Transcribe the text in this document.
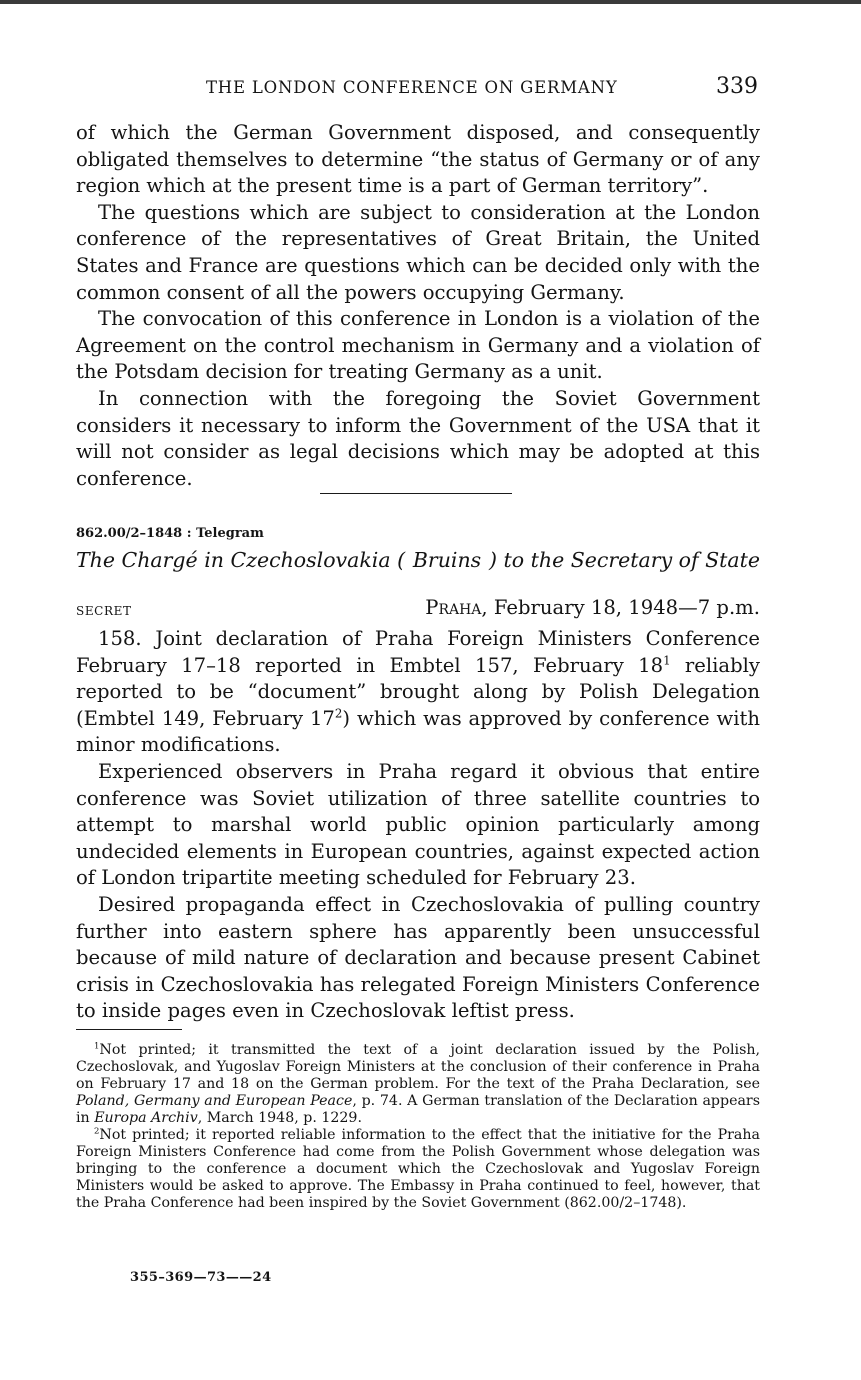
THE LONDON CONFERENCE ON GERMANY	339

of which the German Government disposed, and consequently obligated themselves to determine “the status of Germany or of any region which at the present time is a part of German territory”.

The questions which are subject to consideration at the London conference of the representatives of Great Britain, the United States and France are questions which can be decided only with the common consent of all the powers occupying Germany.

The convocation of this conference in London is a violation of the Agreement on the control mechanism in Germany and a violation of the Potsdam decision for treating Germany as a unit.

In connection with the foregoing the Soviet Government considers it necessary to inform the Government of the USA that it will not consider as legal decisions which may be adopted at this conference.

862.00/2–1848 : Telegram
The Chargé in Czechoslovakia ( Bruins ) to the Secretary of State
SECRET	Praha, February 18, 1948—7 p.m.

158. Joint declaration of Praha Foreign Ministers Conference February 17–18 reported in Embtel 157, February $18^1$ reliably reported to be “document” brought along by Polish Delegation (Embtel 149, February $17^2$) which was approved by conference with minor modifications.

Experienced observers in Praha regard it obvious that entire conference was Soviet utilization of three satellite countries to attempt to marshal world public opinion particularly among undecided elements in European countries, against expected action of London tripartite meeting scheduled for February 23.

Desired propaganda effect in Czechoslovakia of pulling country further into eastern sphere has apparently been unsuccessful because of mild nature of declaration and because present Cabinet crisis in Czechoslovakia has relegated Foreign Ministers Conference to inside pages even in Czechoslovak leftist press.

$^1$Not printed; it transmitted the text of a joint declaration issued by the Polish, Czechoslovak, and Yugoslav Foreign Ministers at the conclusion of their conference in Praha on February 17 and 18 on the German problem. For the text of the Praha Declaration, see Poland, Germany and European Peace, p. 74. A German translation of the Declaration appears in Europa Archiv, March 1948, p. 1229.

$^2$Not printed; it reported reliable information to the effect that the initiative for the Praha Foreign Ministers Conference had come from the Polish Government whose delegation was bringing to the conference a document which the Czechoslovak and Yugoslav Foreign Ministers would be asked to approve. The Embassy in Praha continued to feel, however, that the Praha Conference had been inspired by the Soviet Government (862.00/2–1748).

355–369—73——24
